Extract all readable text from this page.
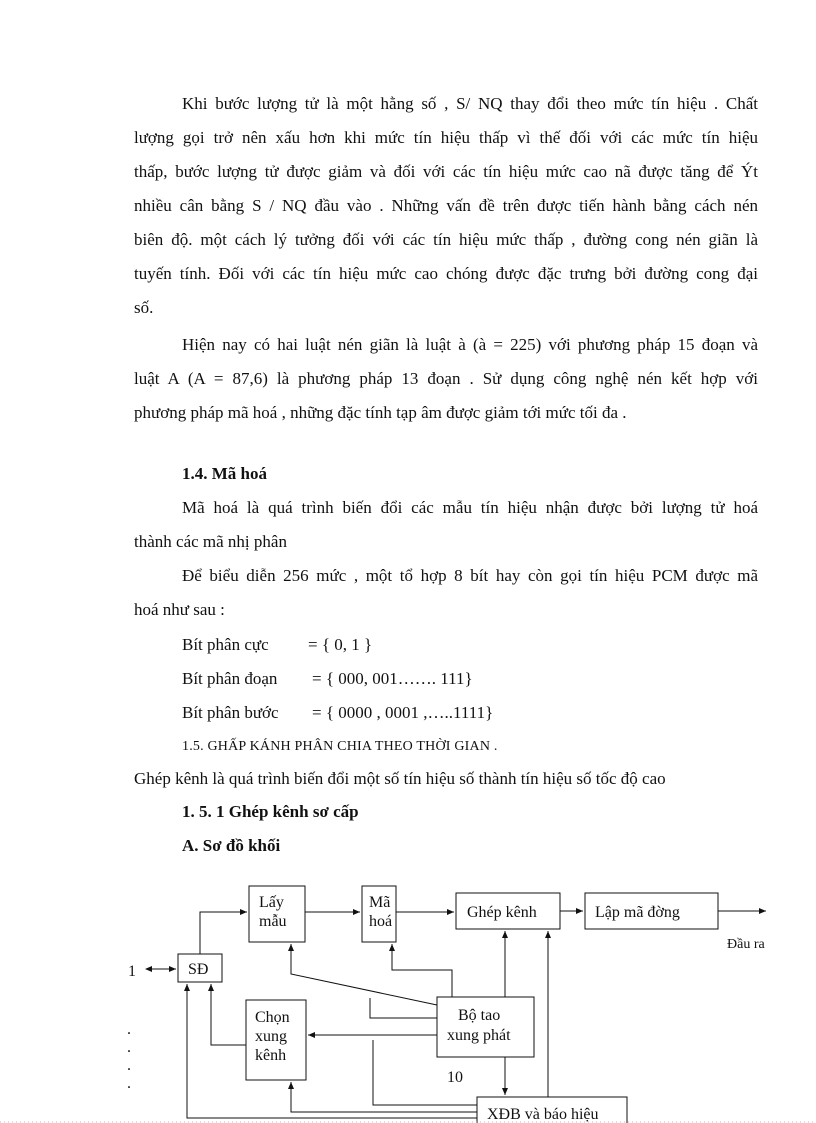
Khi bước lượng tử là một hằng số , S/ NQ thay đổi theo mức tín hiệu . Chất
lượng gọi trở nên xấu hơn khi mức tín hiệu thấp vì thế đối với các mức tín hiệu
thấp, bước lượng tử được giảm và đối với các tín hiệu mức cao nã được tăng để Ýt
nhiều cân bằng S / NQ đầu vào . Những vấn đề trên được tiến hành bằng cách nén
biên độ. một cách lý tưởng đối với các tín hiệu mức thấp , đường cong nén giãn là
tuyến tính. Đối với các tín hiệu mức cao chóng được đặc trưng bởi đường cong đại
số.
Hiện nay có hai luật nén giãn là luật à (à = 225) với phương pháp 15 đoạn và
luật A (A = 87,6) là phương pháp 13 đoạn . Sử dụng công nghệ nén kết hợp với
phương pháp mã hoá , những đặc tính tạp âm được giảm tới mức tối đa .
1.4. Mã hoá
Mã hoá là quá trình biến đổi các mẫu tín hiệu nhận được bởi lượng tử hoá
thành các mã nhị phân
Để biểu diễn 256 mức , một tổ hợp 8 bít hay còn gọi tín hiệu PCM được mã
hoá như sau :
Bít phân cực = { 0, 1 }
Bít phân đoạn = { 000, 001……. 111}
Bít phân bước = { 0000 , 0001 ,…..1111}
1.5. GHẤP KÁNH PHÂN CHIA THEO THỜI GIAN .
Ghép kênh là quá trình biến đổi một số tín hiệu số thành tín hiệu số tốc độ cao
1. 5. 1 Ghép kênh sơ cấp
A. Sơ đồ khối
Lấy
mẫu
Mã
hoá
Ghép kênh	Lập mã đờng
SĐ
Bộ tao
xung phát
Chọn
xung
kênh
XĐB và báo hiệu
Đầu ra
1
10
.
.
.
.
